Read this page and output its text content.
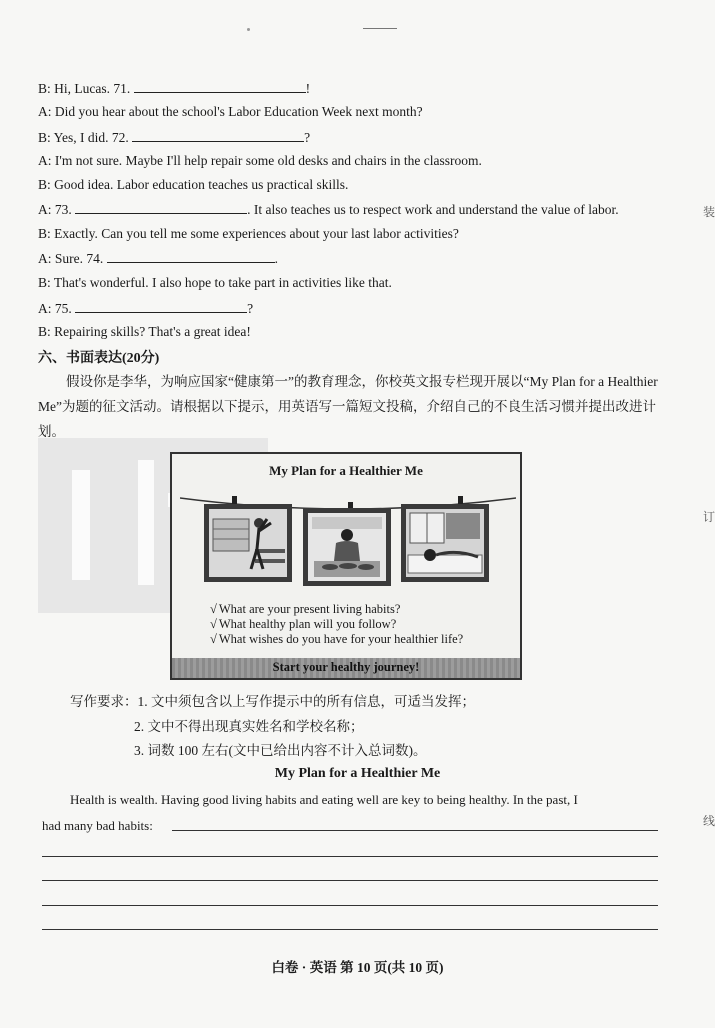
B: Hi, Lucas. 71.	!
A: Did you hear about the school's Labor Education Week next month?
B: Yes, I did. 72.	?
A: I'm not sure. Maybe I'll help repair some old desks and chairs in the classroom.
B: Good idea. Labor education teaches us practical skills.
A: 73.	. It also teaches us to respect work and understand the value of labor.
B: Exactly. Can you tell me some experiences about your last labor activities?
A: Sure. 74.	.
B: That's wonderful. I also hope to take part in activities like that.
A: 75.	?
B: Repairing skills? That's a great idea!
六、书面表达(20分)
假设你是李华，为响应国家“健康第一”的教育理念，你校英文报专栏现开展以“My Plan for a Healthier Me”为题的征文活动。请根据以下提示，用英语写一篇短文投稿，介绍自己的不良生活习惯并提出改进计划。
My Plan for a Healthier Me
√ What are your present living habits?
√ What healthy plan will you follow?
√ What wishes do you have for your healthier life?
Start your healthy journey!
写作要求：1. 文中须包含以上写作提示中的所有信息，可适当发挥；
2. 文中不得出现真实姓名和学校名称；
3. 词数 100 左右(文中已给出内容不计入总词数)。
My Plan for a Healthier Me
Health is wealth. Having good living habits and eating well are key to being healthy. In the past, I
had many bad habits:
白卷 · 英语 第 10 页(共 10 页)
装
订
线
